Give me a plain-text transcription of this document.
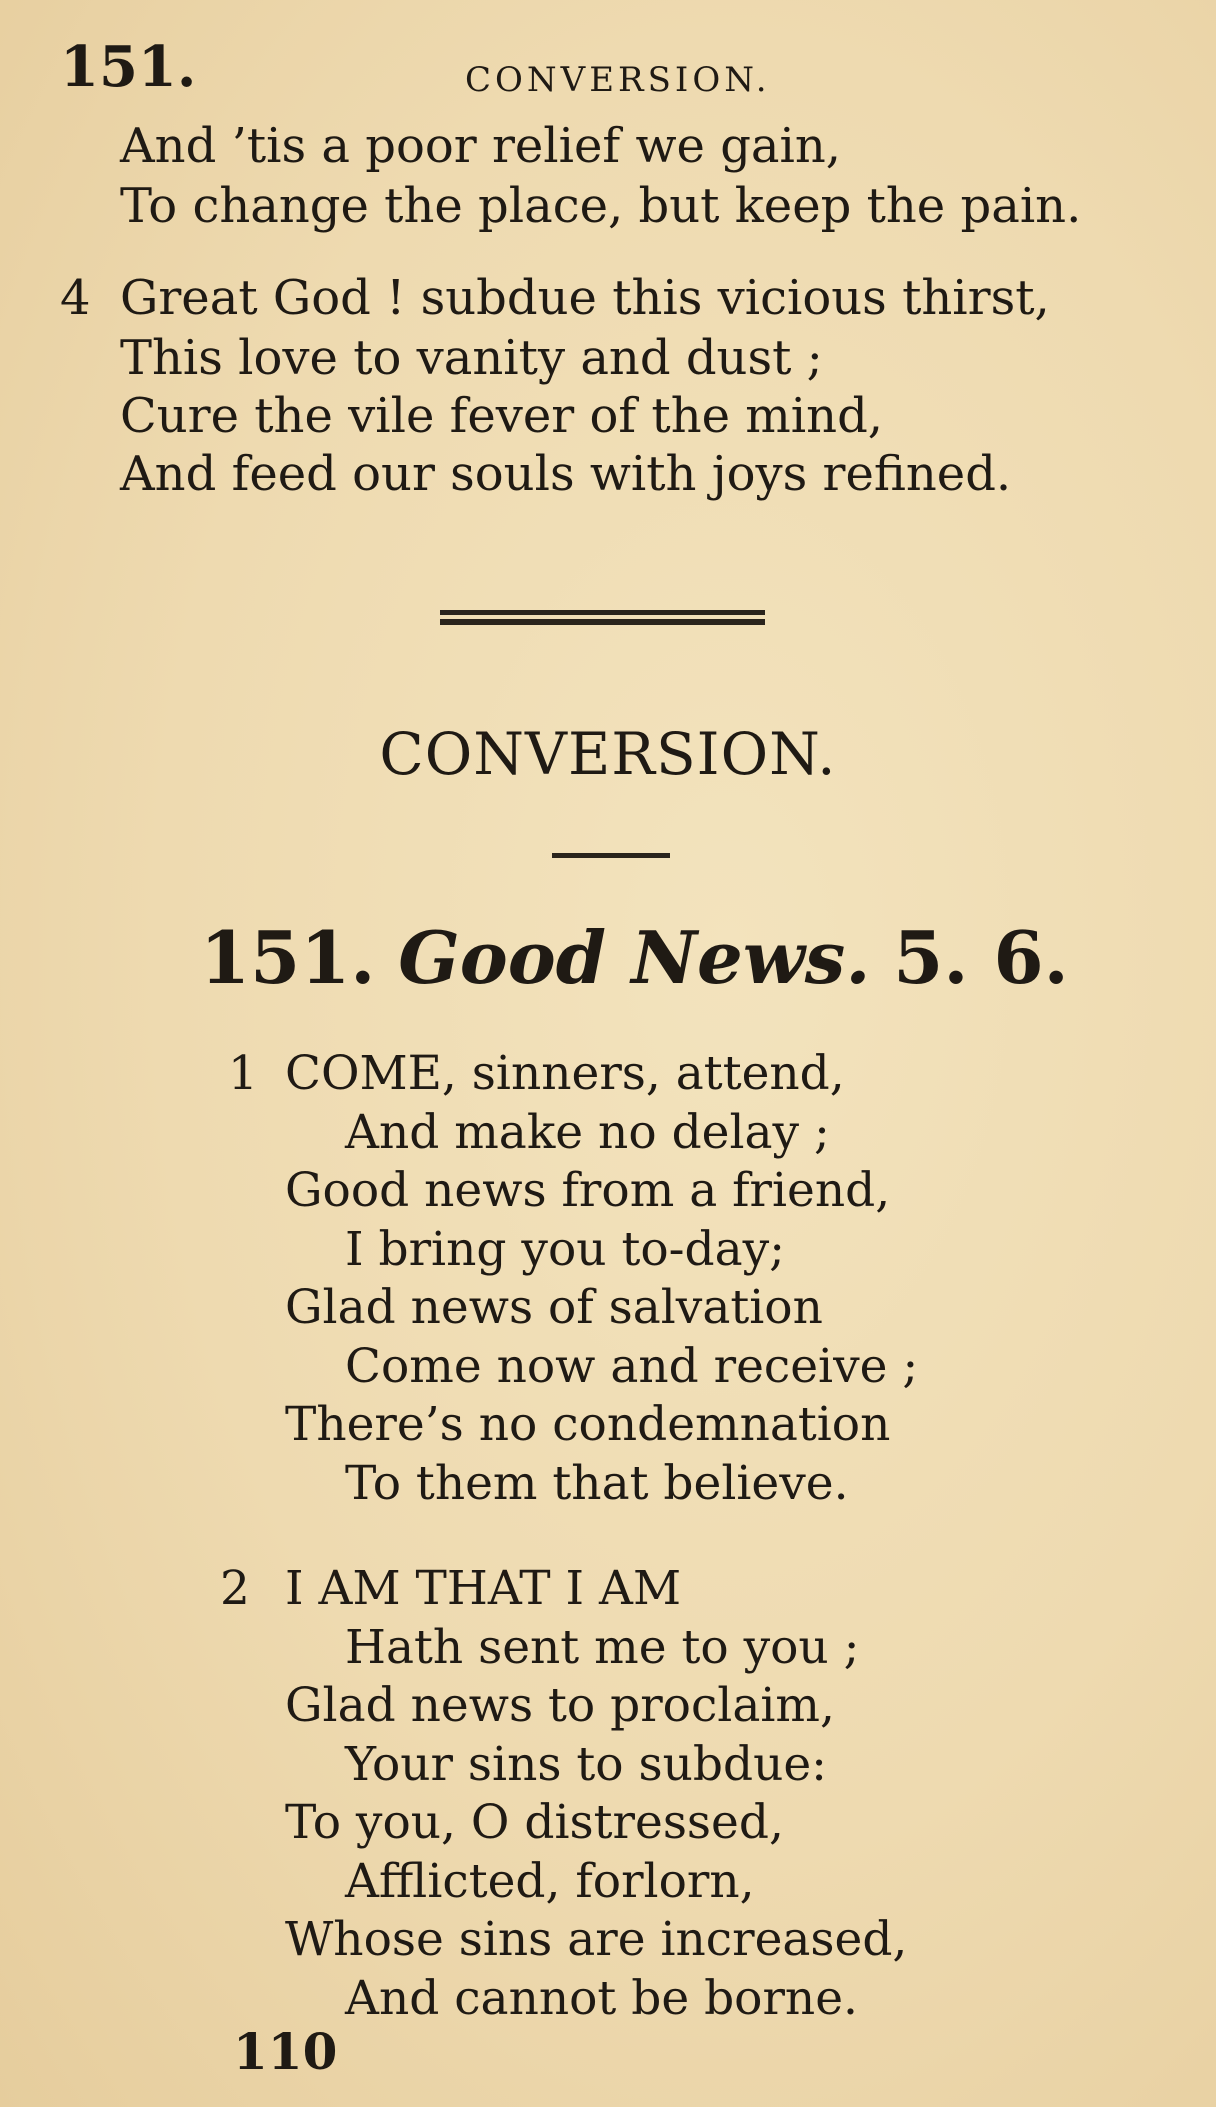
151.	CONVERSION.
And ’tis a poor relief we gain,
To change the place, but keep the pain.
4 Great God ! subdue this vicious thirst,
This love to vanity and dust ;
Cure the vile fever of the mind,
And feed our souls with joys refined.
CONVERSION.
151. Good News. 5. 6.
1 COME, sinners, attend,
And make no delay ;
Good news from a friend,
I bring you to-day;
Glad news of salvation
Come now and receive ;
There’s no condemnation
To them that believe.
2 I AM THAT I AM
Hath sent me to you ;
Glad news to proclaim,
Your sins to subdue:
To you, O distressed,
Afflicted, forlorn,
Whose sins are increased,
And cannot be borne.
110
